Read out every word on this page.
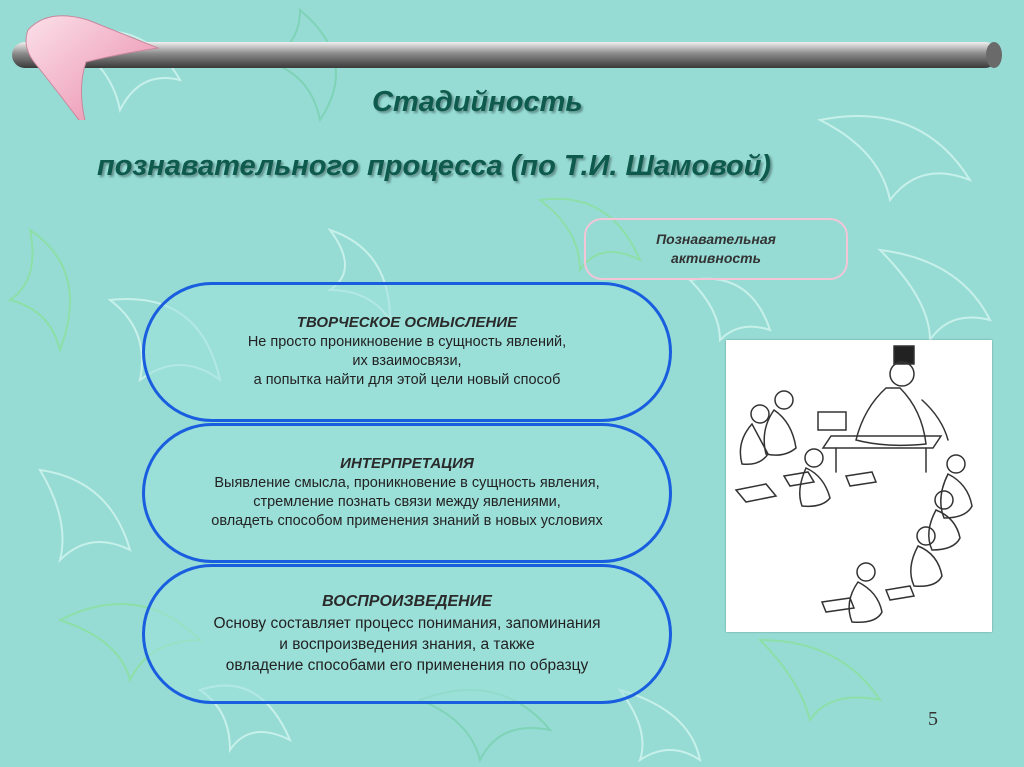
Стадийность
познавательного процесса (по Т.И. Шамовой)
Познавательная
активность
ТВОРЧЕСКОЕ ОСМЫСЛЕНИЕ
Не просто проникновение в сущность явлений,
их взаимосвязи,
а попытка найти для этой цели новый способ
ИНТЕРПРЕТАЦИЯ
Выявление смысла, проникновение в сущность явления,
стремление познать связи между явлениями,
овладеть способом применения знаний в новых условиях
ВОСПРОИЗВЕДЕНИЕ
Основу составляет процесс понимания, запоминания
и воспроизведения знания, а также
овладение способами его применения по образцу
5
